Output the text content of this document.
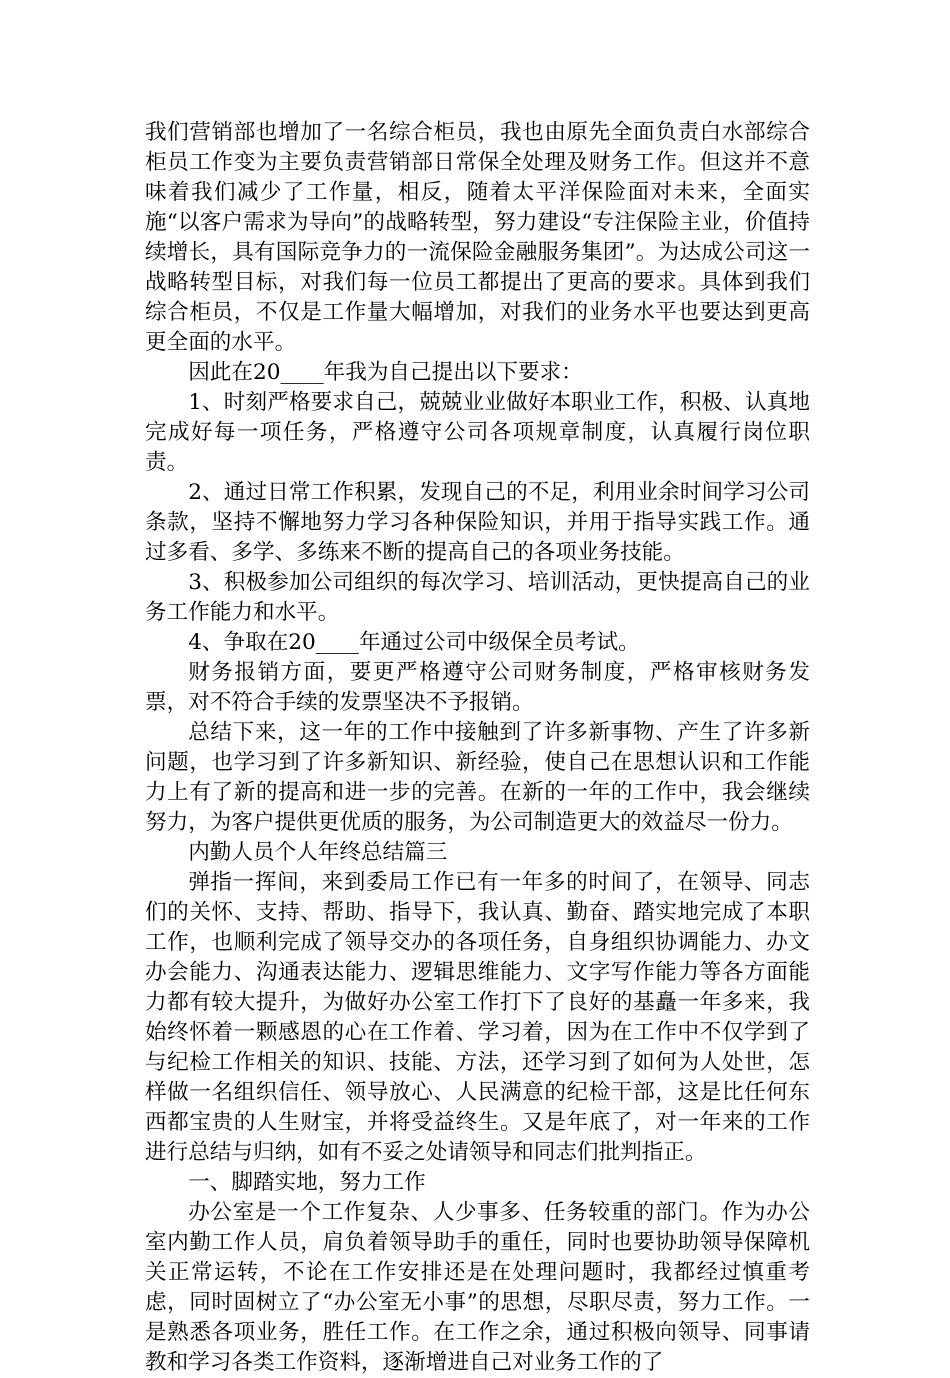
我们营销部也增加了一名综合柜员，我也由原先全面负责白水部综合柜员工作变为主要负责营销部日常保全处理及财务工作。但这并不意味着我们减少了工作量，相反，随着太平洋保险面对未来，全面实施“以客户需求为导向”的战略转型，努力建设“专注保险主业，价值持续增长，具有国际竞争力的一流保险金融服务集团”。为达成公司这一战略转型目标，对我们每一位员工都提出了更高的要求。具体到我们综合柜员，不仅是工作量大幅增加，对我们的业务水平也要达到更高更全面的水平。

因此在20____年我为自己提出以下要求：

1、时刻严格要求自己，兢兢业业做好本职业工作，积极、认真地完成好每一项任务，严格遵守公司各项规章制度，认真履行岗位职责。

2、通过日常工作积累，发现自己的不足，利用业余时间学习公司条款，坚持不懈地努力学习各种保险知识，并用于指导实践工作。通过多看、多学、多练来不断的提高自己的各项业务技能。

3、积极参加公司组织的每次学习、培训活动，更快提高自己的业务工作能力和水平。

4、争取在20____年通过公司中级保全员考试。

财务报销方面，要更严格遵守公司财务制度，严格审核财务发票，对不符合手续的发票坚决不予报销。

总结下来，这一年的工作中接触到了许多新事物、产生了许多新问题，也学习到了许多新知识、新经验，使自己在思想认识和工作能力上有了新的提高和进一步的完善。在新的一年的工作中，我会继续努力，为客户提供更优质的服务，为公司制造更大的效益尽一份力。

内勤人员个人年终总结篇三

弹指一挥间，来到委局工作已有一年多的时间了，在领导、同志们的关怀、支持、帮助、指导下，我认真、勤奋、踏实地完成了本职工作，也顺利完成了领导交办的各项任务，自身组织协调能力、办文办会能力、沟通表达能力、逻辑思维能力、文字写作能力等各方面能力都有较大提升，为做好办公室工作打下了良好的基矗一年多来，我始终怀着一颗感恩的心在工作着、学习着，因为在工作中不仅学到了与纪检工作相关的知识、技能、方法，还学习到了如何为人处世，怎样做一名组织信任、领导放心、人民满意的纪检干部，这是比任何东西都宝贵的人生财宝，并将受益终生。又是年底了，对一年来的工作进行总结与归纳，如有不妥之处请领导和同志们批判指正。

一、脚踏实地，努力工作

办公室是一个工作复杂、人少事多、任务较重的部门。作为办公室内勤工作人员，肩负着领导助手的重任，同时也要协助领导保障机关正常运转，不论在工作安排还是在处理问题时，我都经过慎重考虑，同时固树立了“办公室无小事”的思想，尽职尽责，努力工作。一是熟悉各项业务，胜任工作。在工作之余，通过积极向领导、同事请教和学习各类工作资料，逐渐增进自己对业务工作的了
